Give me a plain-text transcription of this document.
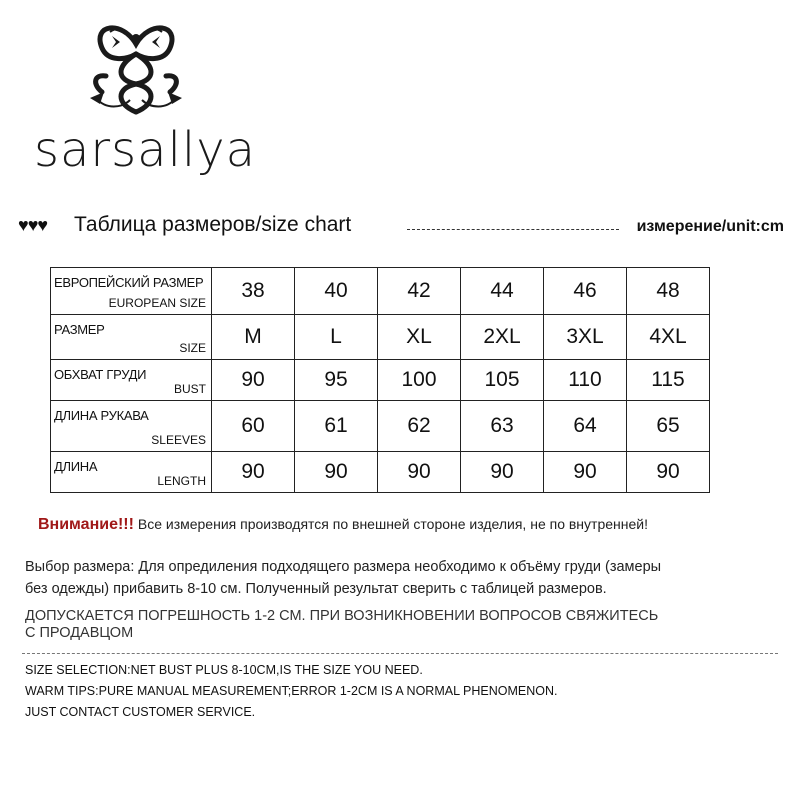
sarsallya
♥♥♥ Таблица размеров/size chart	измерение/unit:cm
ЕВРОПЕЙСКИЙ РАЗМЕР
EUROPEAN SIZE	38	40	42	44	46	48

РАЗМЕР
SIZE	M	L	XL	2XL	3XL	4XL

ОБХВАТ ГРУДИ
BUST	90	95	100	105	110	115

ДЛИНА РУКАВА
SLEEVES	60	61	62	63	64	65

ДЛИНА
LENGTH	90	90	90	90	90	90
Внимание!!! Все измерения производятся по внешней стороне изделия, не по внутренней!
Выбор размера: Для опредиления подходящего размера необходимо к объёму груди (замеры
без одежды) прибавить 8-10 см. Полученный результат сверить с таблицей размеров.
ДОПУСКАЕТСЯ ПОГРЕШНОСТЬ 1-2 СМ. ПРИ ВОЗНИКНОВЕНИИ ВОПРОСОВ СВЯЖИТЕСЬ
С ПРОДАВЦОМ
SIZE SELECTION:NET BUST PLUS 8-10CM,IS THE SIZE YOU NEED.
WARM TIPS:PURE MANUAL MEASUREMENT;ERROR 1-2CM IS A NORMAL PHENOMENON.
JUST CONTACT CUSTOMER SERVICE.
